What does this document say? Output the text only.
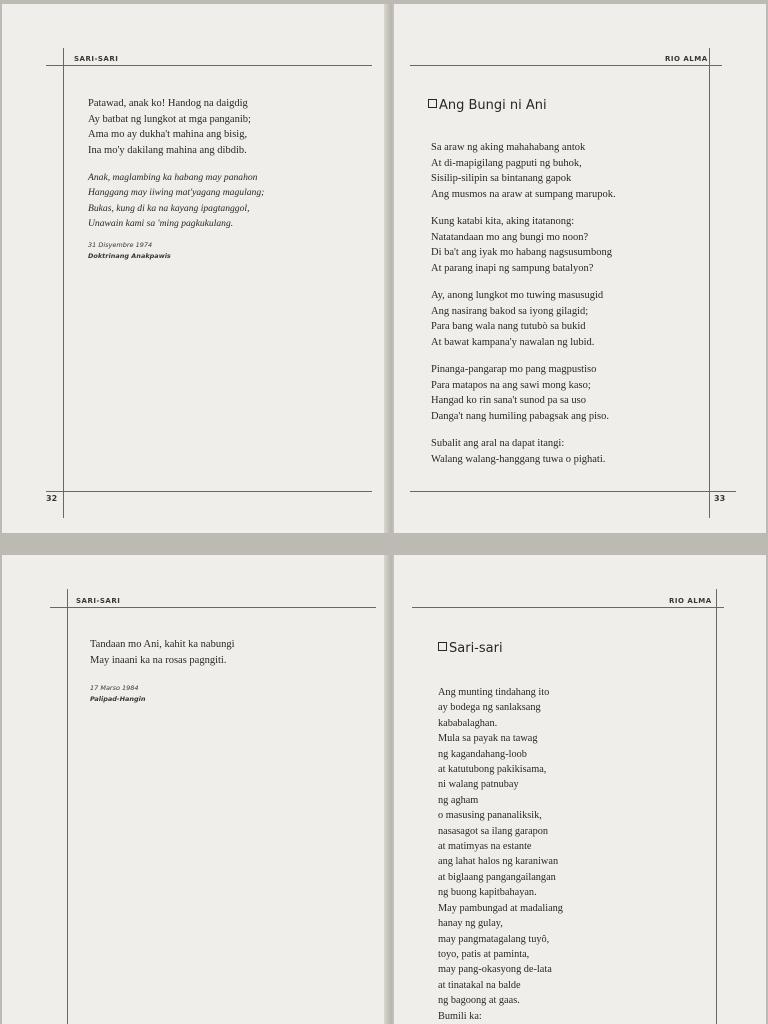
SARI-SARI
32
Patawad, anak ko! Handog na daigdig
Ay batbat ng lungkot at mga panganib;
Ama mo ay dukha't mahina ang bisig,
Ina mo'y dakilang mahina ang dibdib.
Anak, maglambing ka habang may panahon
Hanggang may iiwing mat'yagang magulang;
Bukas, kung di ka na kayang ipagtanggol,
Unawain kami sa 'ming pagkukulang.
31 Disyembre 1974
Doktrinang Anakpawis
RIO ALMA
33
Ang Bungi ni Ani
Sa araw ng aking mahahabang antok
At di-mapigilang pagputi ng buhok,
Sisilip-silipin sa bintanang gapok
Ang musmos na araw at sumpang marupok.
Kung katabi kita, aking itatanong:
Natatandaan mo ang bungi mo noon?
Di ba't ang iyak mo habang nagsusumbong
At parang inapi ng sampung batalyon?
Ay, anong lungkot mo tuwing masusugid
Ang nasirang bakod sa iyong gilagid;
Para bang wala nang tutubò sa bukid
At bawat kampana'y nawalan ng lubid.
Pinanga-pangarap mo pang magpustiso
Para matapos na ang sawi mong kaso;
Hangad ko rin sana't sunod pa sa uso
Danga't nang humiling pabagsak ang piso.
Subalit ang aral na dapat itangi:
Walang walang-hanggang tuwa o pighati.
SARI-SARI
Tandaan mo Ani, kahit ka nabungi
May inaani ka na rosas pagngiti.
17 Marso 1984
Palipad-Hangin
RIO ALMA
Sari-sari
Ang munting tindahang ito
ay bodega ng sanlaksang
kababalaghan.
Mula sa payak na tawag
ng kagandahang-loob
at katutubong pakikisama,
ni walang patnubay
ng agham
o masusing pananaliksik,
nasasagot sa ilang garapon
at matimyas na estante
ang lahat halos ng karaniwan
at biglaang pangangailangan
ng buong kapitbahayan.
May pambungad at madaliang
hanay ng gulay,
may pangmatagalang tuyô,
toyo, patis at paminta,
may pang-okasyong de-lata
at tinatakal na balde
ng bagoong at gaas.
Bumili ka:
